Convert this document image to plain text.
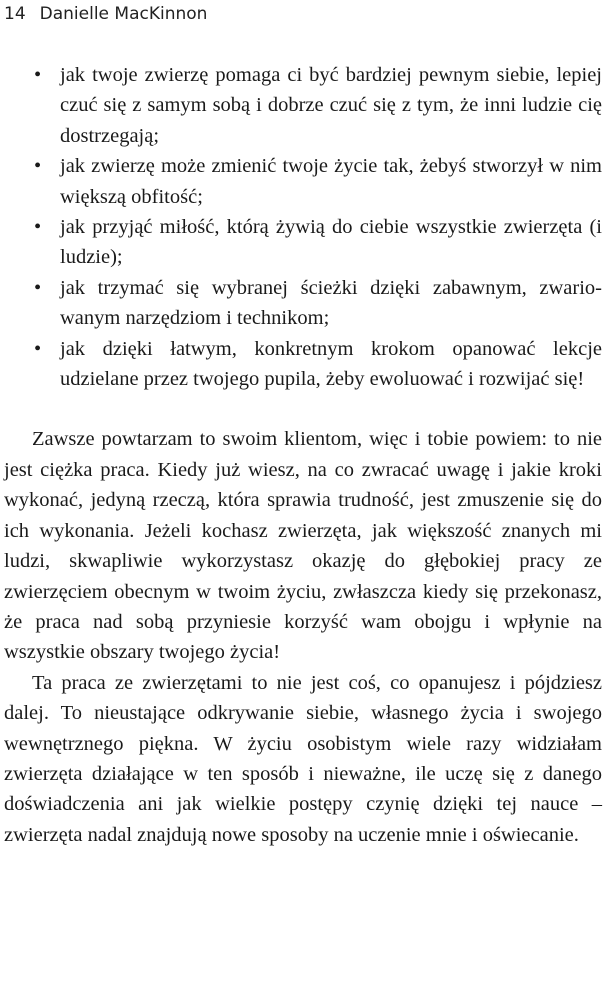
14 Danielle MacKinnon
• jak twoje zwierzę pomaga ci być bardziej pewnym siebie, lepiej czuć się z samym sobą i dobrze czuć się z tym, że inni ludzie cię dostrzegają;
• jak zwierzę może zmienić twoje życie tak, żebyś stworzył w nim większą obfitość;
• jak przyjąć miłość, którą żywią do ciebie wszystkie zwierzęta (i ludzie);
• jak trzymać się wybranej ścieżki dzięki zabawnym, zwariowanym narzędziom i technikom;
• jak dzięki łatwym, konkretnym krokom opanować lekcje udzielane przez twojego pupila, żeby ewoluować i rozwijać się!

Zawsze powtarzam to swoim klientom, więc i tobie powiem: to nie jest ciężka praca. Kiedy już wiesz, na co zwracać uwagę i jakie kroki wykonać, jedyną rzeczą, która sprawia trudność, jest zmuszenie się do ich wykonania. Jeżeli kochasz zwierzęta, jak większość znanych mi ludzi, skwapliwie wykorzystasz okazję do głębokiej pracy ze zwierzęciem obecnym w twoim życiu, zwłaszcza kiedy się przekonasz, że praca nad sobą przyniesie korzyść wam obojgu i wpłynie na wszystkie obszary twojego życia!

Ta praca ze zwierzętami to nie jest coś, co opanujesz i pójdziesz dalej. To nieustające odkrywanie siebie, własnego życia i swojego wewnętrznego piękna. W życiu osobistym wiele razy widziałam zwierzęta działające w ten sposób i nieważne, ile uczę się z danego doświadczenia ani jak wielkie postępy czynię dzięki tej nauce – zwierzęta nadal znajdują nowe sposoby na uczenie mnie i oświecanie.
